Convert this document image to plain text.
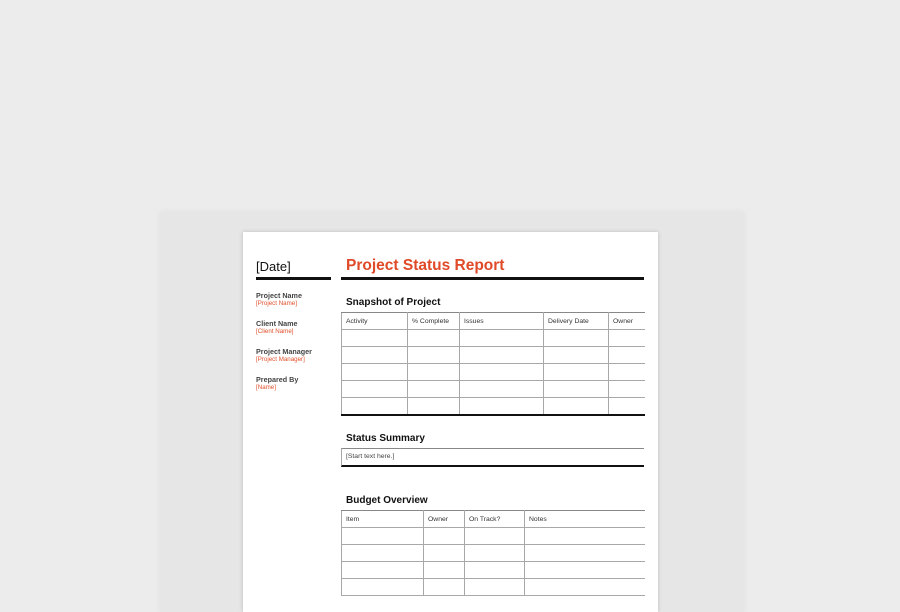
[Date]
Project Name
[Project Name]
Client Name
[Client Name]
Project Manager
[Project Manager]
Prepared By
[Name]
Project Status Report
Snapshot of Project
Activity	% Complete	Issues	Delivery Date	Owner

Status Summary
[Start text here.]
Budget Overview
Item	Owner	On Track?	Notes
